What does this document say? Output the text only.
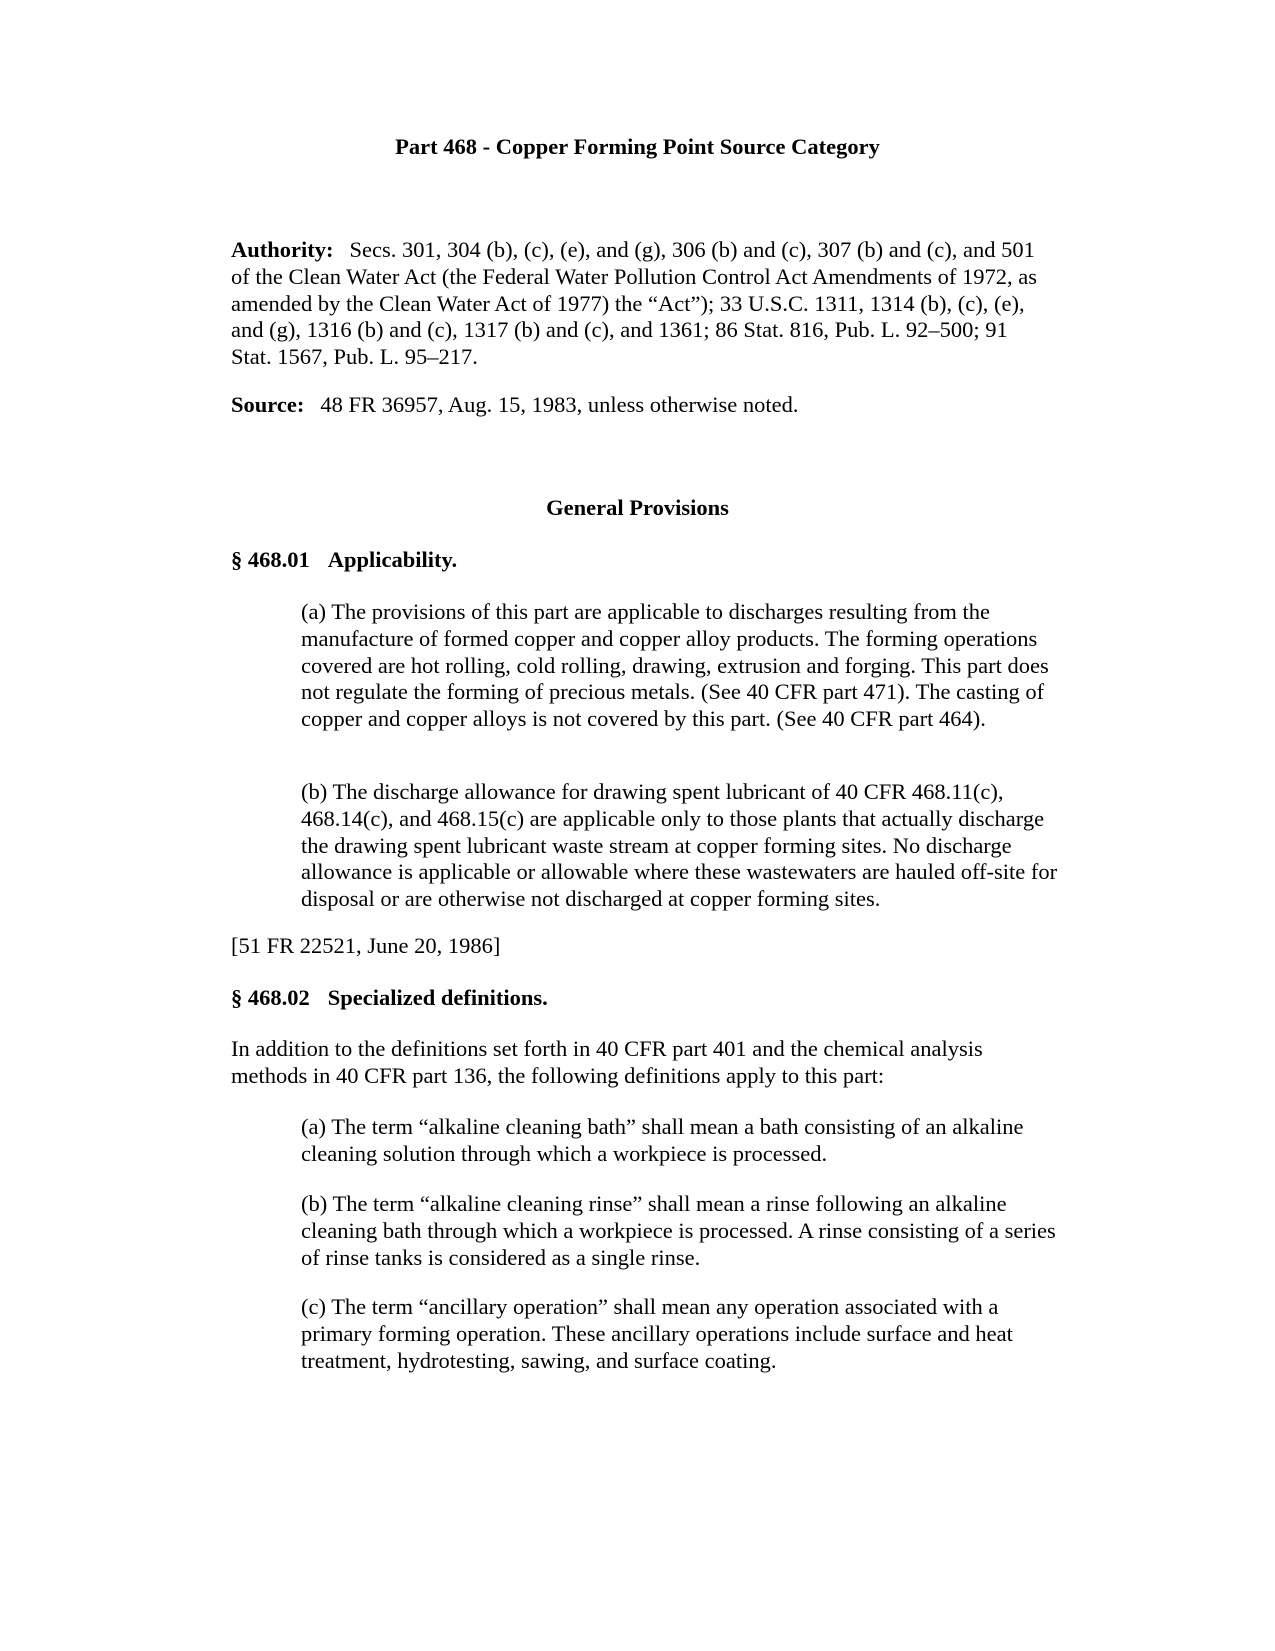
Part 468 - Copper Forming Point Source Category

Authority: Secs. 301, 304 (b), (c), (e), and (g), 306 (b) and (c), 307 (b) and (c), and 501 of the Clean Water Act (the Federal Water Pollution Control Act Amendments of 1972, as amended by the Clean Water Act of 1977) the “Act”); 33 U.S.C. 1311, 1314 (b), (c), (e), and (g), 1316 (b) and (c), 1317 (b) and (c), and 1361; 86 Stat. 816, Pub. L. 92–500; 91 Stat. 1567, Pub. L. 95–217.

Source: 48 FR 36957, Aug. 15, 1983, unless otherwise noted.

General Provisions

§ 468.01 Applicability.

(a) The provisions of this part are applicable to discharges resulting from the manufacture of formed copper and copper alloy products. The forming operations covered are hot rolling, cold rolling, drawing, extrusion and forging. This part does not regulate the forming of precious metals. (See 40 CFR part 471). The casting of copper and copper alloys is not covered by this part. (See 40 CFR part 464).

(b) The discharge allowance for drawing spent lubricant of 40 CFR 468.11(c), 468.14(c), and 468.15(c) are applicable only to those plants that actually discharge the drawing spent lubricant waste stream at copper forming sites. No discharge allowance is applicable or allowable where these wastewaters are hauled off-site for disposal or are otherwise not discharged at copper forming sites.

[51 FR 22521, June 20, 1986]

§ 468.02 Specialized definitions.

In addition to the definitions set forth in 40 CFR part 401 and the chemical analysis methods in 40 CFR part 136, the following definitions apply to this part:

(a) The term “alkaline cleaning bath” shall mean a bath consisting of an alkaline cleaning solution through which a workpiece is processed.

(b) The term “alkaline cleaning rinse” shall mean a rinse following an alkaline cleaning bath through which a workpiece is processed. A rinse consisting of a series of rinse tanks is considered as a single rinse.

(c) The term “ancillary operation” shall mean any operation associated with a primary forming operation. These ancillary operations include surface and heat treatment, hydrotesting, sawing, and surface coating.
